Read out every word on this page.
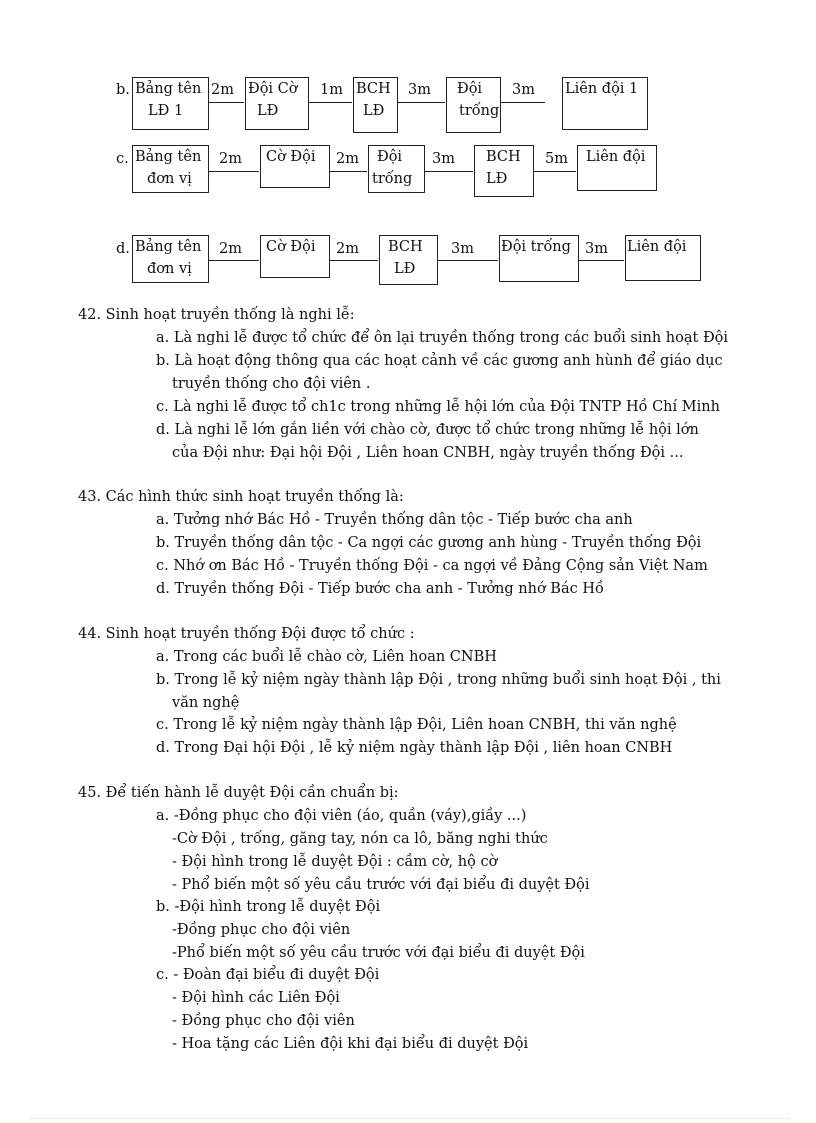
b. Bảng tên
LĐ 1
2m Đội Cờ
LĐ
1m BCH
LĐ
3m Đội
trống
3m Liên đội 1
c. Bảng tên
đơn vị
2m Cờ Đội 2m Đội
trống
3m BCH
LĐ
5m Liên đội
d. Bảng tên
đơn vị
2m Cờ Đội 2m BCH
LĐ
3m Đội trống 3m Liên đội
42. Sinh hoạt truyền thống là nghi lễ:
a. Là nghi lễ được tổ chức để ôn lại truyền thống trong các buổi sinh hoạt Đội
b. Là hoạt động thông qua các hoạt cảnh về các gương anh hùnh để giáo dục
truyền thống cho đội viên .
c. Là nghi lễ được tổ ch1c trong những lễ hội lớn của Đội TNTP Hồ Chí Minh
d. Là nghi lễ lớn gắn liền với chào cờ, được tổ chức trong những lễ hội lớn
của Đội như: Đại hội Đội , Liên hoan CNBH, ngày truyền thống Đội ...
43. Các hình thức sinh hoạt truyền thống là:
a. Tưởng nhớ Bác Hồ - Truyền thống dân tộc - Tiếp bước cha anh
b. Truyền thống dân tộc - Ca ngợi các gương anh hùng - Truyền thống Đội
c. Nhớ ơn Bác Hồ - Truyền thống Đội - ca ngợi về Đảng Cộng sản Việt Nam
d. Truyền thống Đội - Tiếp bước cha anh - Tưởng nhớ Bác Hồ
44. Sinh hoạt truyền thống Đội được tổ chức :
a. Trong các buổi lễ chào cờ, Liên hoan CNBH
b. Trong lễ kỷ niệm ngày thành lập Đội , trong những buổi sinh hoạt Đội , thi
văn nghệ
c. Trong lễ kỷ niệm ngày thành lập Đội, Liên hoan CNBH, thi văn nghệ
d. Trong Đại hội Đội , lễ kỷ niệm ngày thành lập Đội , liên hoan CNBH
45. Để tiến hành lễ duyệt Đội cần chuẩn bị:
a. -Đồng phục cho đội viên (áo, quần (váy),giầy ...)
-Cờ Đội , trống, găng tay, nón ca lô, băng nghi thức
- Đội hình trong lễ duyệt Đội : cầm cờ, hộ cờ
- Phổ biến một số yêu cầu trước với đại biểu đi duyệt Đội
b. -Đội hình trong lễ duyệt Đội
-Đồng phục cho đội viên
-Phổ biến một số yêu cầu trước với đại biểu đi duyệt Đội
c. - Đoàn đại biểu đi duyệt Đội
- Đội hình các Liên Đội
- Đồng phục cho đội viên
- Hoa tặng các Liên đội khi đại biểu đi duyệt Đội
